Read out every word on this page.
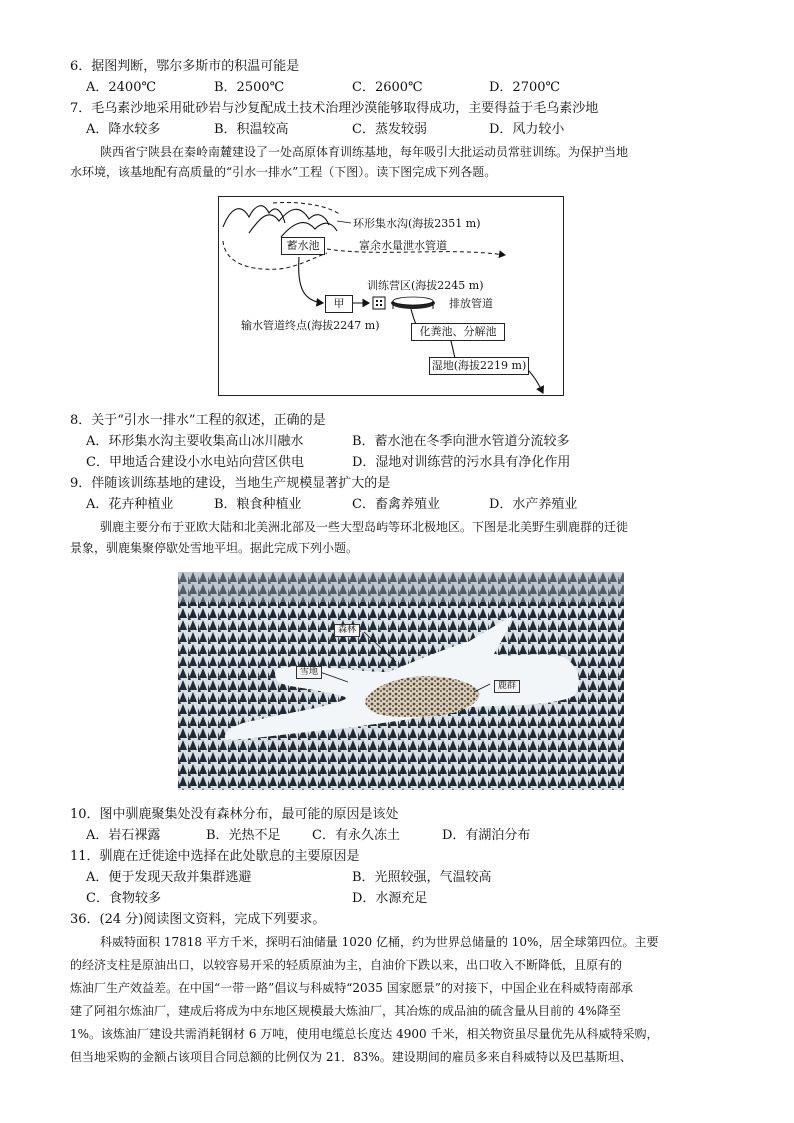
6．据图判断，鄂尔多斯市的积温可能是
A．2400℃	B．2500℃	C．2600℃	D．2700℃
7．毛乌素沙地采用砒砂岩与沙复配成土技术治理沙漠能够取得成功，主要得益于毛乌素沙地
A．降水较多	B．积温较高	C．蒸发较弱	D．风力较小
陕西省宁陕县在秦岭南麓建设了一处高原体育训练基地，每年吸引大批运动员常驻训练。为保护当地
水环境，该基地配有高质量的“引水一排水”工程（下图）。读下图完成下列各题。
环形集水沟(海拔2351 m)
富余水量泄水管道
蓄水池
训练营区(海拔2245 m)
甲	排放管道
输水管道终点(海拔2247 m)	化粪池、分解池
湿地(海拔2219 m)
8．关于“引水一排水”工程的叙述，正确的是
A．环形集水沟主要收集高山冰川融水	B．蓄水池在冬季向泄水管道分流较多
C．甲地适合建设小水电站向营区供电	D．湿地对训练营的污水具有净化作用
9．伴随该训练基地的建设，当地生产规模显著扩大的是
A．花卉种植业	B．粮食种植业	C．畜禽养殖业	D．水产养殖业
驯鹿主要分布于亚欧大陆和北美洲北部及一些大型岛屿等环北极地区。下图是北美野生驯鹿群的迁徙
景象，驯鹿集聚停歇处雪地平坦。据此完成下列小题。
森林
雪地
鹿群
10．图中驯鹿聚集处没有森林分布，最可能的原因是该处
A．岩石裸露	B．光热不足 C．有永久冻土	D．有湖泊分布
11．驯鹿在迁徙途中选择在此处歇息的主要原因是
A．便于发现天敌并集群逃避	B．光照较强，气温较高
C．食物较多	D．水源充足
36．(24 分)阅读图文资料，完成下列要求。
科威特面积 17818 平方千米，探明石油储量 1020 亿桶，约为世界总储量的 10%，居全球第四位。主要
的经济支柱是原油出口，以较容易开采的轻质原油为主，自油价下跌以来，出口收入不断降低，且原有的
炼油厂生产效益差。在中国“一带一路”倡议与科威特“2035 国家愿景”的对接下，中国企业在科威特南部承
建了阿祖尔炼油厂，建成后将成为中东地区规模最大炼油厂，其冶炼的成品油的硫含量从目前的 4%降至
1%。该炼油厂建设共需消耗钢材 6 万吨，使用电缆总长度达 4900 千米，相关物资虽尽量优先从科威特采购，
但当地采购的金额占该项目合同总额的比例仅为 21．83%。建设期间的雇员多来自科威特以及巴基斯坦、
